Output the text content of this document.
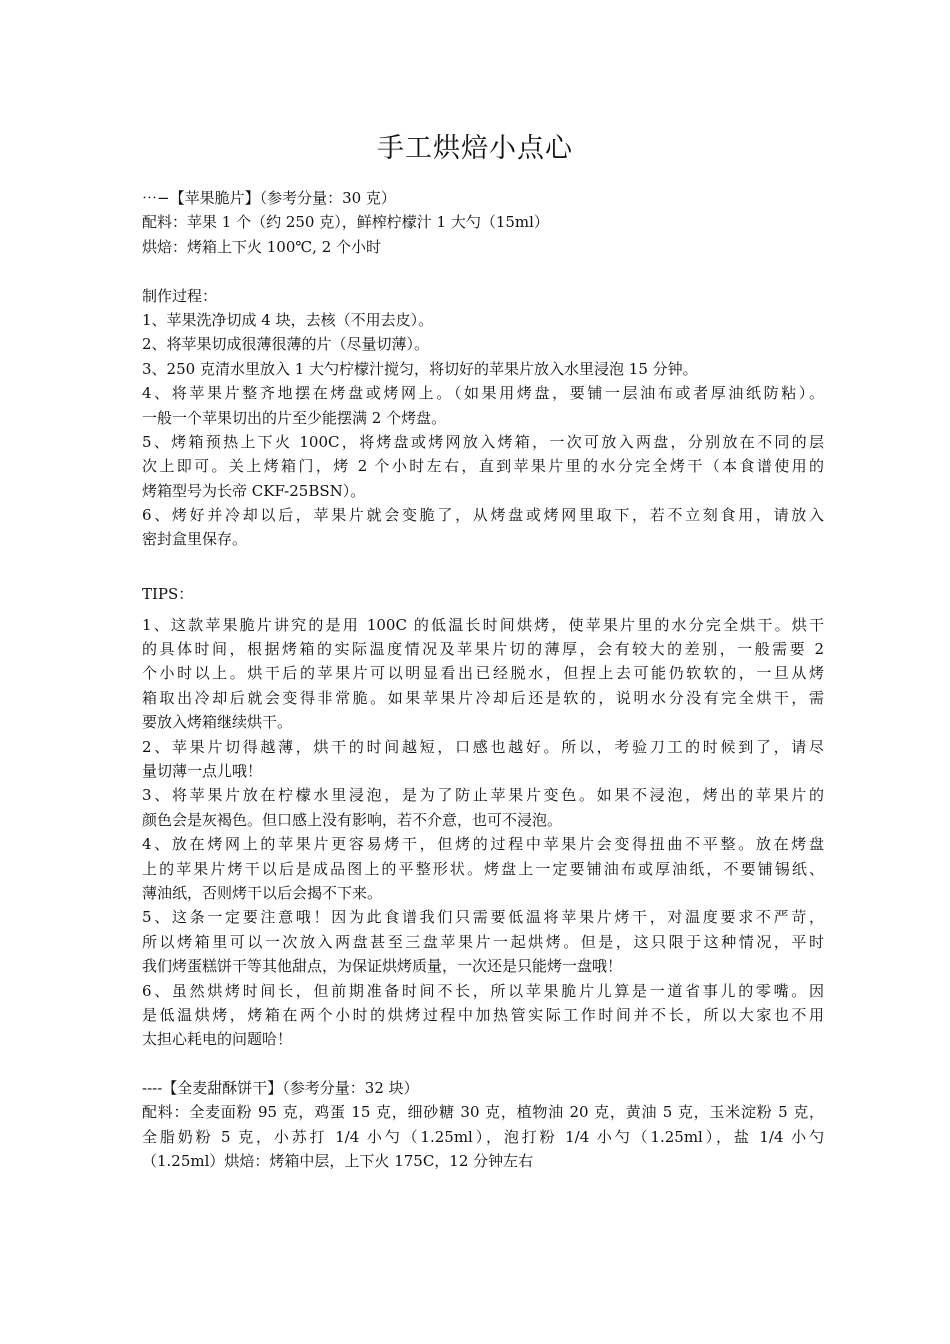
手工烘焙小点心
⋯−【苹果脆片】（参考分量：30 克）
配料：苹果 1 个（约 250 克），鲜榨柠檬汁 1 大勺（15ml）
烘焙：烤箱上下火 100℃, 2 个小时
制作过程：
1、苹果洗净切成 4 块，去核（不用去皮）。
2、将苹果切成很薄很薄的片（尽量切薄）。
3、250 克清水里放入 1 大勺柠檬汁搅匀，将切好的苹果片放入水里浸泡 15 分钟。
4、将苹果片整齐地摆在烤盘或烤网上。（如果用烤盘，要铺一层油布或者厚油纸防粘）。
一般一个苹果切出的片至少能摆满 2 个烤盘。
5、烤箱预热上下火 100C，将烤盘或烤网放入烤箱，一次可放入两盘，分别放在不同的层
次上即可。关上烤箱门，烤 2 个小时左右，直到苹果片里的水分完全烤干（本食谱使用的
烤箱型号为长帝 CKF-25BSN）。
6、烤好并冷却以后，苹果片就会变脆了，从烤盘或烤网里取下，若不立刻食用，请放入
密封盒里保存。
TIPS：
1、这款苹果脆片讲究的是用 100C 的低温长时间烘烤，使苹果片里的水分完全烘干。烘干
的具体时间，根据烤箱的实际温度情况及苹果片切的薄厚，会有较大的差别，一般需要 2
个小时以上。烘干后的苹果片可以明显看出已经脱水，但捏上去可能仍软软的，一旦从烤
箱取出冷却后就会变得非常脆。如果苹果片冷却后还是软的，说明水分没有完全烘干，需
要放入烤箱继续烘干。
2、苹果片切得越薄，烘干的时间越短，口感也越好。所以，考验刀工的时候到了，请尽
量切薄一点儿哦！
3、将苹果片放在柠檬水里浸泡，是为了防止苹果片变色。如果不浸泡，烤出的苹果片的
颜色会是灰褐色。但口感上没有影响，若不介意，也可不浸泡。
4、放在烤网上的苹果片更容易烤干，但烤的过程中苹果片会变得扭曲不平整。放在烤盘
上的苹果片烤干以后是成品图上的平整形状。烤盘上一定要铺油布或厚油纸，不要铺锡纸、
薄油纸，否则烤干以后会揭不下来。
5、这条一定要注意哦！因为此食谱我们只需要低温将苹果片烤干，对温度要求不严苛，
所以烤箱里可以一次放入两盘甚至三盘苹果片一起烘烤。但是，这只限于这种情况，平时
我们烤蛋糕饼干等其他甜点，为保证烘烤质量，一次还是只能烤一盘哦！
6、虽然烘烤时间长，但前期准备时间不长，所以苹果脆片儿算是一道省事儿的零嘴。因
是低温烘烤，烤箱在两个小时的烘烤过程中加热管实际工作时间并不长，所以大家也不用
太担心耗电的问题哈！
----【全麦甜酥饼干】（参考分量：32 块）
配料：全麦面粉 95 克，鸡蛋 15 克，细砂糖 30 克，植物油 20 克，黄油 5 克，玉米淀粉 5 克，
全脂奶粉 5 克，小苏打 1/4 小勺（1.25ml），泡打粉 1/4 小勺（1.25ml），盐 1/4 小勺
（1.25ml）烘焙：烤箱中层，上下火 175C，12 分钟左右
